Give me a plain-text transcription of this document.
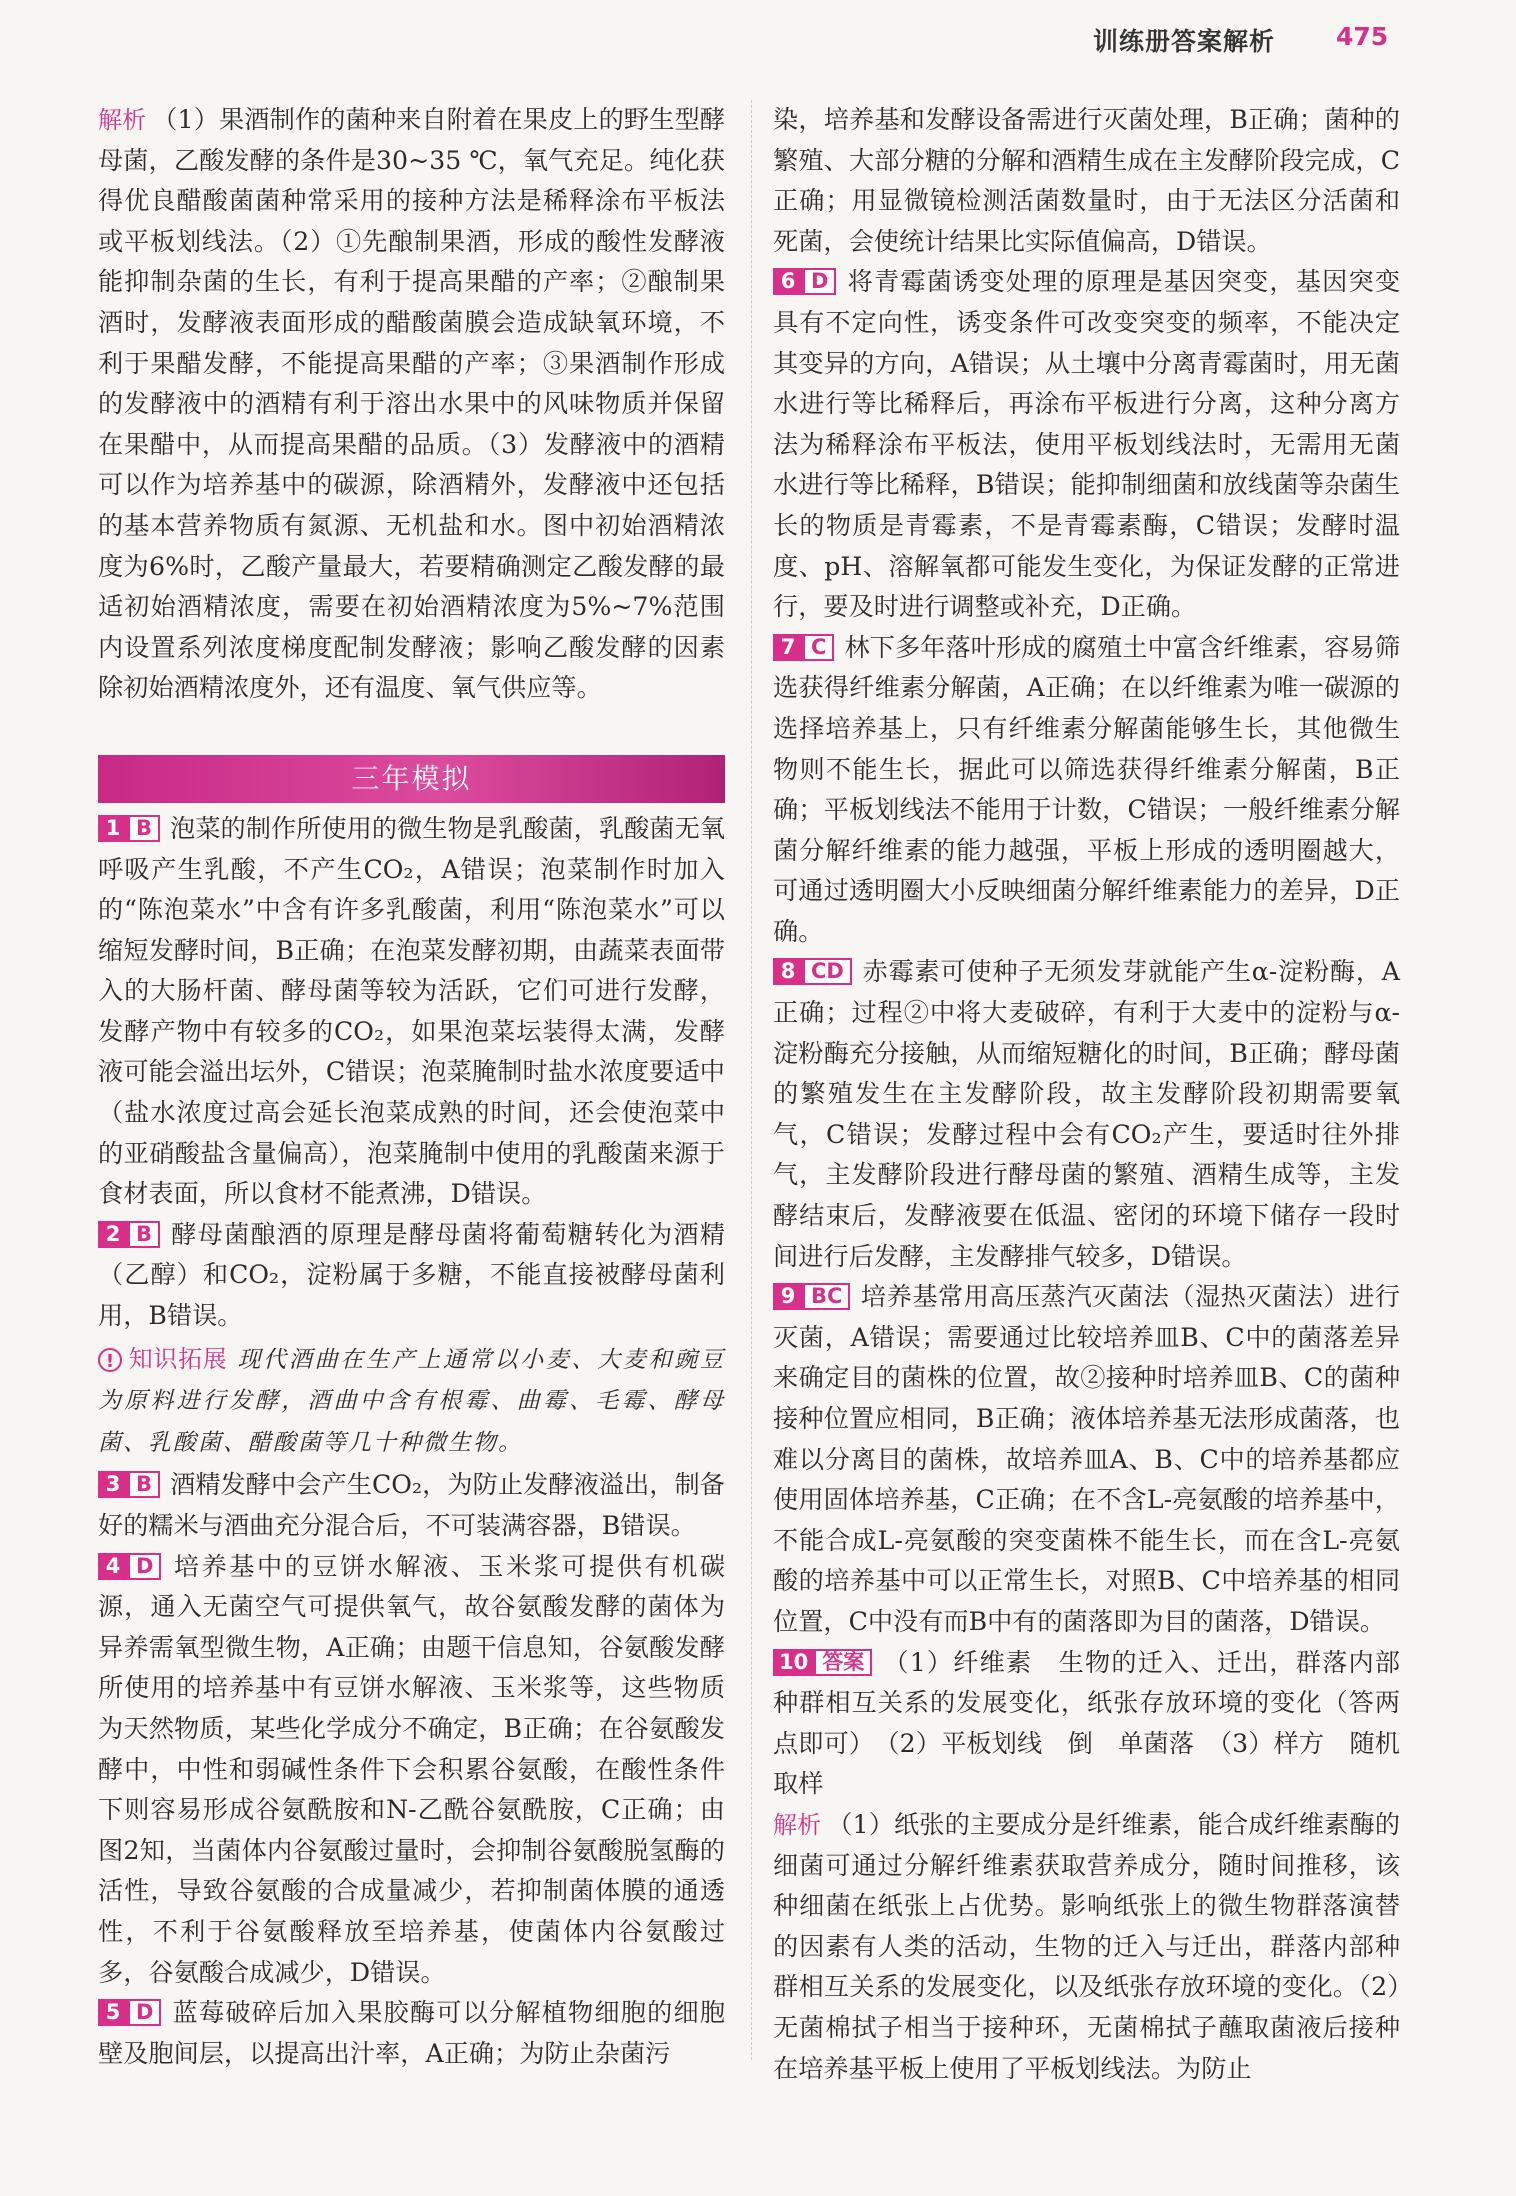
训练册答案解析 475

解析 （1）果酒制作的菌种来自附着在果皮上的野生型酵母菌，乙酸发酵的条件是30~35 ℃，氧气充足。纯化获得优良醋酸菌菌种常采用的接种方法是稀释涂布平板法或平板划线法。（2）①先酿制果酒，形成的酸性发酵液能抑制杂菌的生长，有利于提高果醋的产率；②酿制果酒时，发酵液表面形成的醋酸菌膜会造成缺氧环境，不利于果醋发酵，不能提高果醋的产率；③果酒制作形成的发酵液中的酒精有利于溶出水果中的风味物质并保留在果醋中，从而提高果醋的品质。（3）发酵液中的酒精可以作为培养基中的碳源，除酒精外，发酵液中还包括的基本营养物质有氮源、无机盐和水。图中初始酒精浓度为6%时，乙酸产量最大，若要精确测定乙酸发酵的最适初始酒精浓度，需要在初始酒精浓度为5%~7%范围内设置系列浓度梯度配制发酵液；影响乙酸发酵的因素除初始酒精浓度外，还有温度、氧气供应等。

三年模拟
1 B 泡菜的制作所使用的微生物是乳酸菌，乳酸菌无氧呼吸产生乳酸，不产生CO₂，A错误；泡菜制作时加入的“陈泡菜水”中含有许多乳酸菌，利用“陈泡菜水”可以缩短发酵时间，B正确；在泡菜发酵初期，由蔬菜表面带入的大肠杆菌、酵母菌等较为活跃，它们可进行发酵，发酵产物中有较多的CO₂，如果泡菜坛装得太满，发酵液可能会溢出坛外，C错误；泡菜腌制时盐水浓度要适中（盐水浓度过高会延长泡菜成熟的时间，还会使泡菜中的亚硝酸盐含量偏高），泡菜腌制中使用的乳酸菌来源于食材表面，所以食材不能煮沸，D错误。

2 B 酵母菌酿酒的原理是酵母菌将葡萄糖转化为酒精（乙醇）和CO₂，淀粉属于多糖，不能直接被酵母菌利用，B错误。

! 知识拓展 现代酒曲在生产上通常以小麦、大麦和豌豆为原料进行发酵，酒曲中含有根霉、曲霉、毛霉、酵母菌、乳酸菌、醋酸菌等几十种微生物。
3 B 酒精发酵中会产生CO₂，为防止发酵液溢出，制备好的糯米与酒曲充分混合后，不可装满容器，B错误。

4 D 培养基中的豆饼水解液、玉米浆可提供有机碳源，通入无菌空气可提供氧气，故谷氨酸发酵的菌体为异养需氧型微生物，A正确；由题干信息知，谷氨酸发酵所使用的培养基中有豆饼水解液、玉米浆等，这些物质为天然物质，某些化学成分不确定，B正确；在谷氨酸发酵中，中性和弱碱性条件下会积累谷氨酸，在酸性条件下则容易形成谷氨酰胺和N-乙酰谷氨酰胺，C正确；由图2知，当菌体内谷氨酸过量时，会抑制谷氨酸脱氢酶的活性，导致谷氨酸的合成量减少，若抑制菌体膜的通透性，不利于谷氨酸释放至培养基，使菌体内谷氨酸过多，谷氨酸合成减少，D错误。

5 D 蓝莓破碎后加入果胶酶可以分解植物细胞的细胞壁及胞间层，以提高出汁率，A正确；为防止杂菌污

染，培养基和发酵设备需进行灭菌处理，B正确；菌种的繁殖、大部分糖的分解和酒精生成在主发酵阶段完成，C正确；用显微镜检测活菌数量时，由于无法区分活菌和死菌，会使统计结果比实际值偏高，D错误。

6 D 将青霉菌诱变处理的原理是基因突变，基因突变具有不定向性，诱变条件可改变突变的频率，不能决定其变异的方向，A错误；从土壤中分离青霉菌时，用无菌水进行等比稀释后，再涂布平板进行分离，这种分离方法为稀释涂布平板法，使用平板划线法时，无需用无菌水进行等比稀释，B错误；能抑制细菌和放线菌等杂菌生长的物质是青霉素，不是青霉素酶，C错误；发酵时温度、pH、溶解氧都可能发生变化，为保证发酵的正常进行，要及时进行调整或补充，D正确。

7 C 林下多年落叶形成的腐殖土中富含纤维素，容易筛选获得纤维素分解菌，A正确；在以纤维素为唯一碳源的选择培养基上，只有纤维素分解菌能够生长，其他微生物则不能生长，据此可以筛选获得纤维素分解菌，B正确；平板划线法不能用于计数，C错误；一般纤维素分解菌分解纤维素的能力越强，平板上形成的透明圈越大，可通过透明圈大小反映细菌分解纤维素能力的差异，D正确。

8 CD 赤霉素可使种子无须发芽就能产生α-淀粉酶，A正确；过程②中将大麦破碎，有利于大麦中的淀粉与α-淀粉酶充分接触，从而缩短糖化的时间，B正确；酵母菌的繁殖发生在主发酵阶段，故主发酵阶段初期需要氧气，C错误；发酵过程中会有CO₂产生，要适时往外排气，主发酵阶段进行酵母菌的繁殖、酒精生成等，主发酵结束后，发酵液要在低温、密闭的环境下储存一段时间进行后发酵，主发酵排气较多，D错误。

9 BC 培养基常用高压蒸汽灭菌法（湿热灭菌法）进行灭菌，A错误；需要通过比较培养皿B、C中的菌落差异来确定目的菌株的位置，故②接种时培养皿B、C的菌种接种位置应相同，B正确；液体培养基无法形成菌落，也难以分离目的菌株，故培养皿A、B、C中的培养基都应使用固体培养基，C正确；在不含L-亮氨酸的培养基中，不能合成L-亮氨酸的突变菌株不能生长，而在含L-亮氨酸的培养基中可以正常生长，对照B、C中培养基的相同位置，C中没有而B中有的菌落即为目的菌落，D错误。

10 答案 （1）纤维素　生物的迁入、迁出，群落内部种群相互关系的发展变化，纸张存放环境的变化（答两点即可）　（2）平板划线　倒　单菌落　（3）样方　随机取样

解析 （1）纸张的主要成分是纤维素，能合成纤维素酶的细菌可通过分解纤维素获取营养成分，随时间推移，该种细菌在纸张上占优势。影响纸张上的微生物群落演替的因素有人类的活动，生物的迁入与迁出，群落内部种群相互关系的发展变化，以及纸张存放环境的变化。（2）无菌棉拭子相当于接种环，无菌棉拭子蘸取菌液后接种在培养基平板上使用了平板划线法。为防止
